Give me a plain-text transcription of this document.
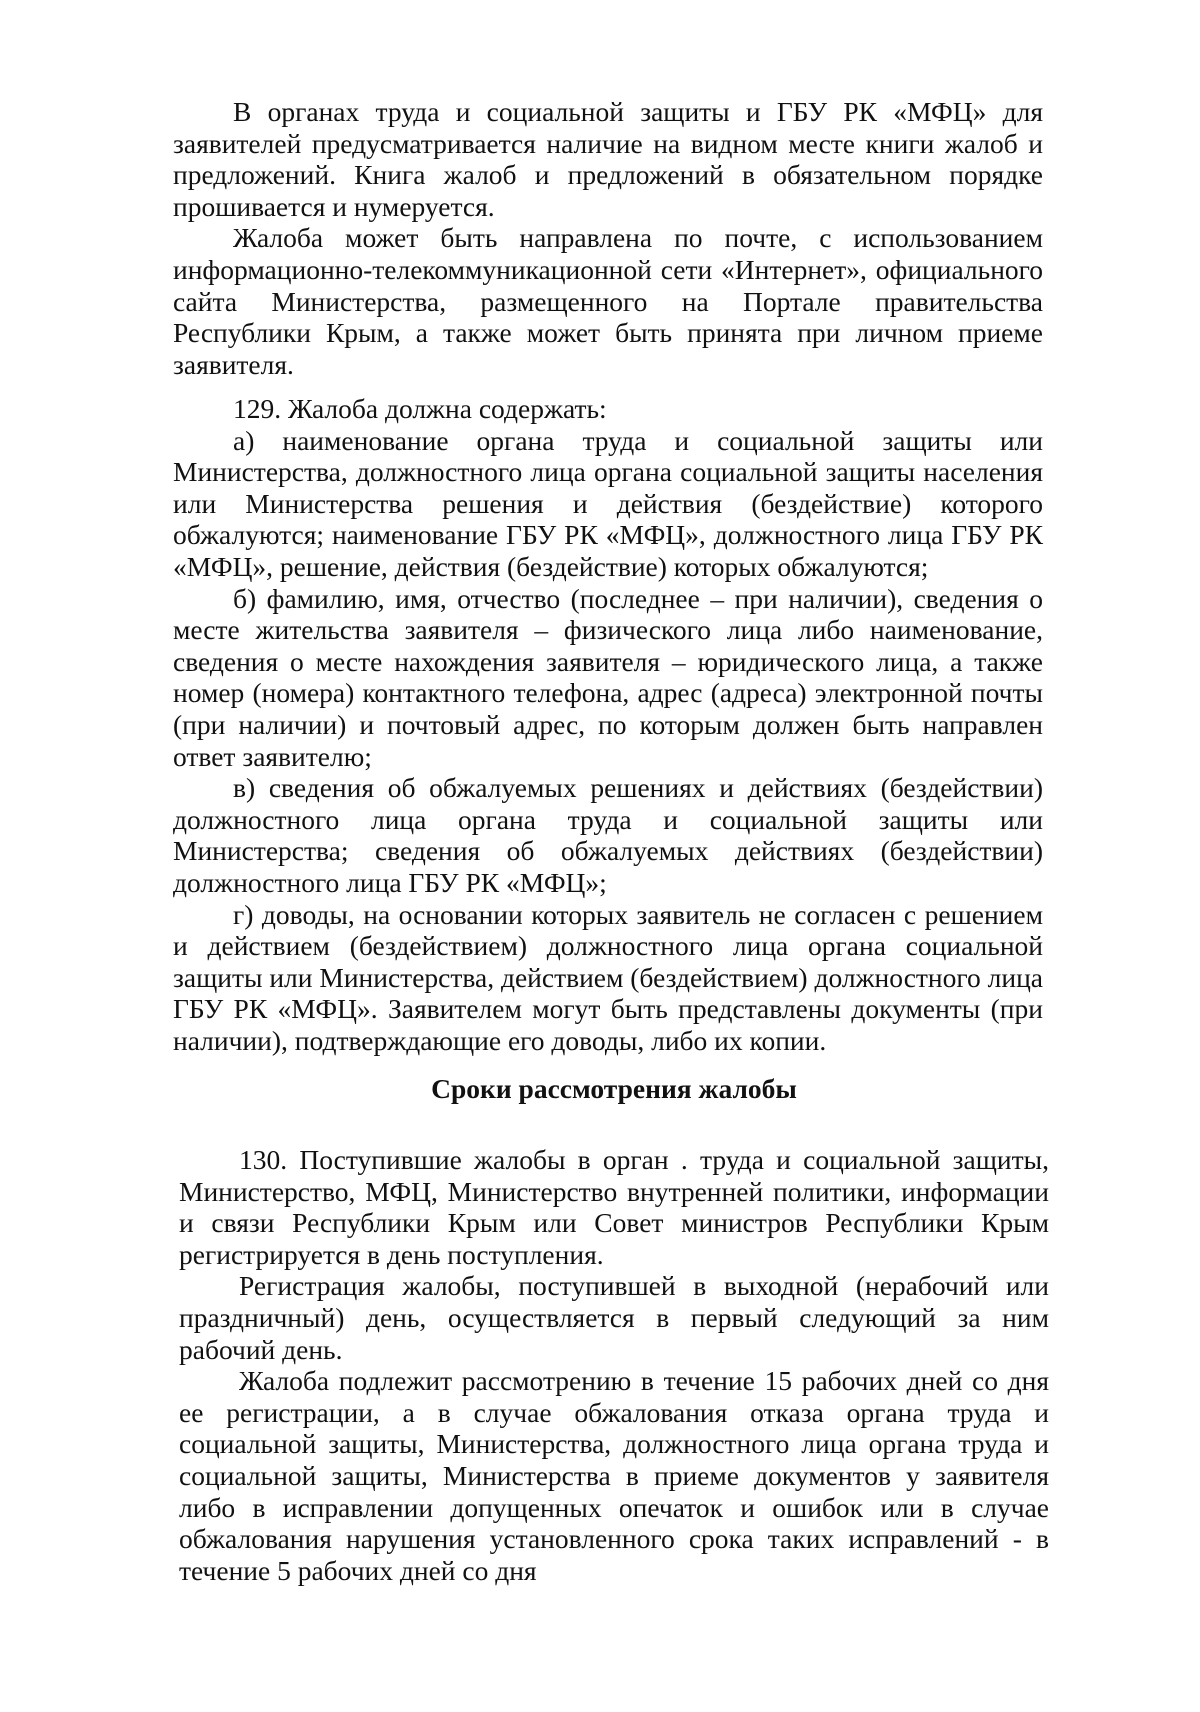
В органах труда и социальной защиты и ГБУ РК «МФЦ» для заявителей предусматривается наличие на видном месте книги жалоб и предложений. Книга жалоб и предложений в обязательном порядке прошивается и нумеруется.

Жалоба может быть направлена по почте, с использованием информационно-телекоммуникационной сети «Интернет», официального сайта Министерства, размещенного на Портале правительства Республики Крым, а также может быть принята при личном приеме заявителя.

129. Жалоба должна содержать:

а) наименование органа труда и социальной защиты или Министерства, должностного лица органа социальной защиты населения или Министерства решения и действия (бездействие) которого обжалуются; наименование ГБУ РК «МФЦ», должностного лица ГБУ РК «МФЦ», решение, действия (бездействие) которых обжалуются;

б) фамилию, имя, отчество (последнее – при наличии), сведения о месте жительства заявителя – физического лица либо наименование, сведения о месте нахождения заявителя – юридического лица, а также номер (номера) контактного телефона, адрес (адреса) электронной почты (при наличии) и почтовый адрес, по которым должен быть направлен ответ заявителю;

в) сведения об обжалуемых решениях и действиях (бездействии) должностного лица органа труда и социальной защиты или Министерства; сведения об обжалуемых действиях (бездействии) должностного лица ГБУ РК «МФЦ»;

г) доводы, на основании которых заявитель не согласен с решением и действием (бездействием) должностного лица органа социальной защиты или Министерства, действием (бездействием) должностного лица ГБУ РК «МФЦ». Заявителем могут быть представлены документы (при наличии), подтверждающие его доводы, либо их копии.

Сроки рассмотрения жалобы

130. Поступившие жалобы в орган . труда и социальной защиты, Министерство, МФЦ, Министерство внутренней политики, информации и связи Республики Крым или Совет министров Республики Крым регистрируется в день поступления.

Регистрация жалобы, поступившей в выходной (нерабочий или праздничный) день, осуществляется в первый следующий за ним рабочий день.

Жалоба подлежит рассмотрению в течение 15 рабочих дней со дня ее регистрации, а в случае обжалования отказа органа труда и социальной защиты, Министерства, должностного лица органа труда и социальной защиты, Министерства в приеме документов у заявителя либо в исправлении допущенных опечаток и ошибок или в случае обжалования нарушения установленного срока таких исправлений - в течение 5 рабочих дней со дня
